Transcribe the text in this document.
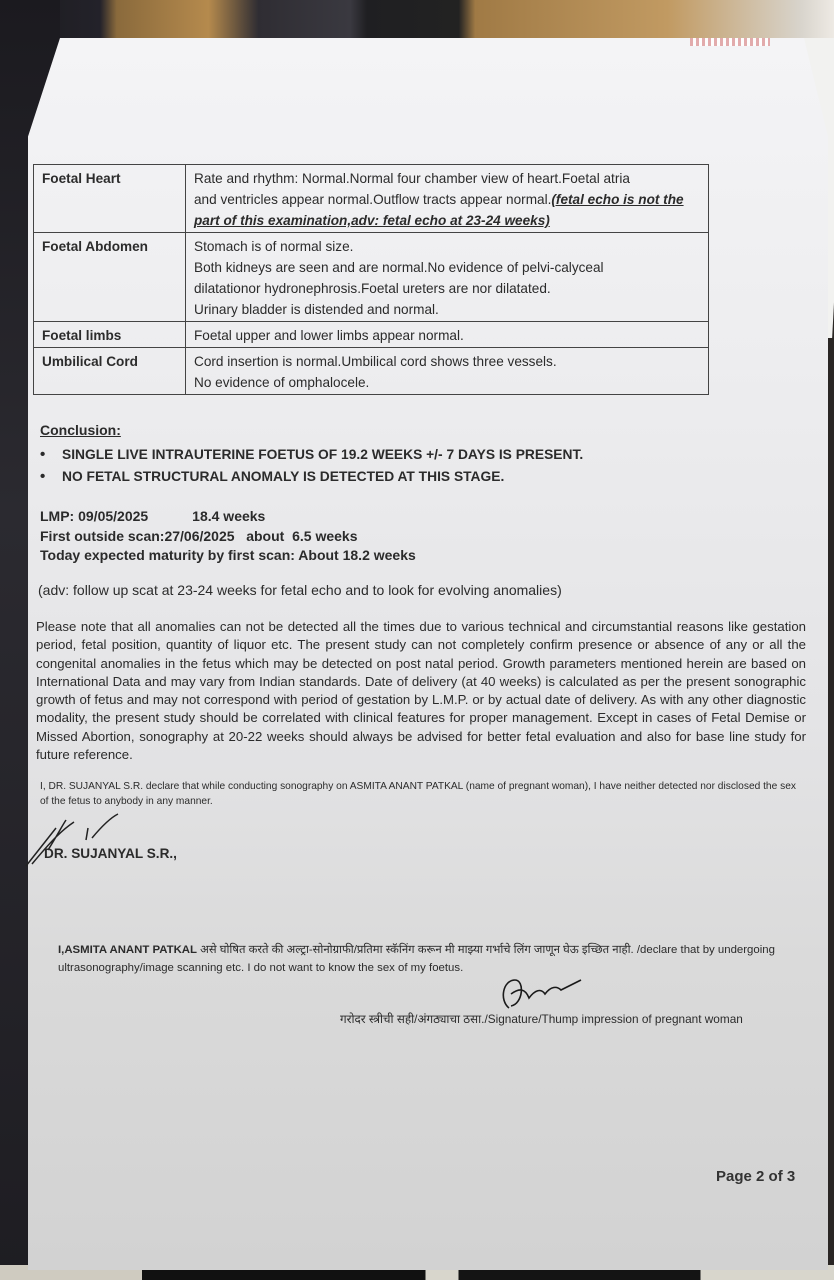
Foetal Heart	Rate and rhythm: Normal.Normal four chamber view of heart.Foetal atria
and ventricles appear normal.Outflow tracts appear normal.(fetal echo is not the part of this examination,adv: fetal echo at 23-24 weeks)
Foetal Abdomen	Stomach is of normal size.
Both kidneys are seen and are normal.No evidence of pelvi-calyceal
dilatationor hydronephrosis.Foetal ureters are nor dilatated.
Urinary bladder is distended and normal.
Foetal limbs	Foetal upper and lower limbs appear normal.
Umbilical Cord	Cord insertion is normal.Umbilical cord shows three vessels.
No evidence of omphalocele.
Conclusion:
• SINGLE LIVE INTRAUTERINE FOETUS OF 19.2 WEEKS +/- 7 DAYS IS PRESENT.
• NO FETAL STRUCTURAL ANOMALY IS DETECTED AT THIS STAGE.
LMP: 09/05/2025	18.4 weeks
First outside scan:27/06/2025   about  6.5 weeks
Today expected maturity by first scan: About 18.2 weeks
(adv: follow up scat at 23-24 weeks for fetal echo and to look for evolving anomalies)
Please note that all anomalies can not be detected all the times due to various technical and circumstantial reasons like gestation period, fetal position, quantity of liquor etc. The present study can not completely confirm presence or absence of any or all the congenital anomalies in the fetus which may be detected on post natal period. Growth parameters mentioned herein are based on International Data and may vary from Indian standards. Date of delivery (at 40 weeks) is calculated as per the present sonographic growth of fetus and may not correspond with period of gestation by L.M.P. or by actual date of delivery. As with any other diagnostic modality, the present study should be correlated with clinical features for proper management. Except in cases of Fetal Demise or Missed Abortion, sonography at 20-22 weeks should always be advised for better fetal evaluation and also for base line study for future reference.
I, DR. SUJANYAL S.R. declare that while conducting sonography on ASMITA ANANT PATKAL (name of pregnant woman), I have neither detected nor disclosed the sex of the fetus to anybody in any manner.
DR. SUJANYAL S.R.,
I,ASMITA ANANT PATKAL असे घोषित करते की अल्ट्रा-सोनोग्राफी/प्रतिमा स्कॅनिंग करून मी माझ्या गर्भाचे लिंग जाणून घेऊ इच्छित नाही. /declare that by undergoing ultrasonography/image scanning etc. I do not want to know the sex of my foetus.
गरोदर स्त्रीची सही/अंगठ्याचा ठसा./Signature/Thump impression of pregnant woman
Page 2 of 3
